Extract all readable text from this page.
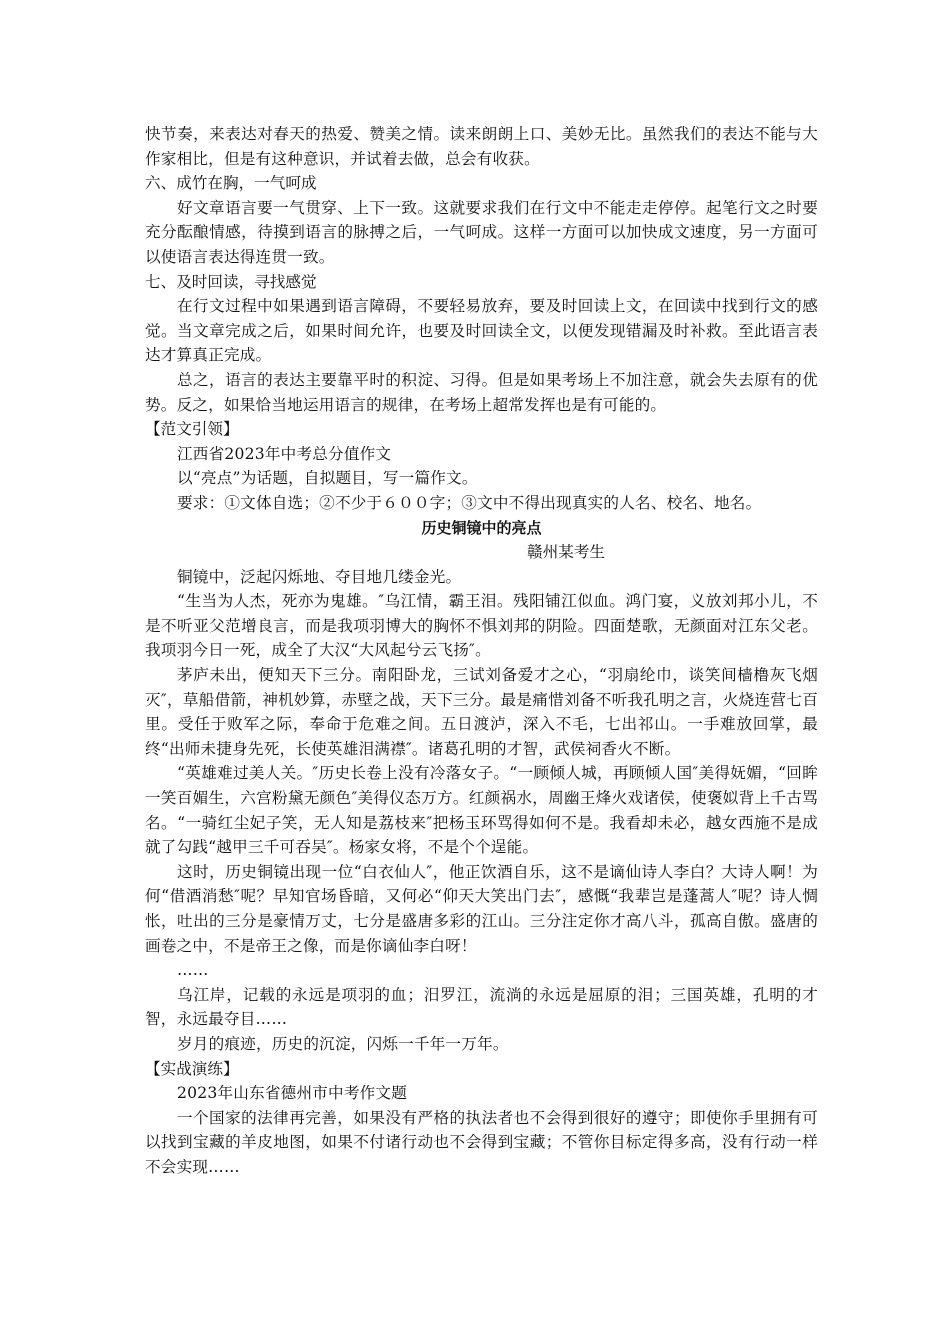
快节奏，来表达对春天的热爱、赞美之情。读来朗朗上口、美妙无比。虽然我们的表达不能与大作家相比，但是有这种意识，并试着去做，总会有收获。

六、成竹在胸，一气呵成

好文章语言要一气贯穿、上下一致。这就要求我们在行文中不能走走停停。起笔行文之时要充分酝酿情感，待摸到语言的脉搏之后，一气呵成。这样一方面可以加快成文速度，另一方面可以使语言表达得连贯一致。

七、及时回读，寻找感觉

在行文过程中如果遇到语言障碍，不要轻易放弃，要及时回读上文，在回读中找到行文的感觉。当文章完成之后，如果时间允许，也要及时回读全文，以便发现错漏及时补救。至此语言表达才算真正完成。

总之，语言的表达主要靠平时的积淀、习得。但是如果考场上不加注意，就会失去原有的优势。反之，如果恰当地运用语言的规律，在考场上超常发挥也是有可能的。

【范文引领】

江西省2023年中考总分值作文

以“亮点”为话题，自拟题目，写一篇作文。

要求：①文体自选；②不少于６００字；③文中不得出现真实的人名、校名、地名。

历史铜镜中的亮点

赣州某考生

铜镜中，泛起闪烁地、夺目地几缕金光。

“生当为人杰，死亦为鬼雄。″乌江情，霸王泪。残阳铺江似血。鸿门宴，义放刘邦小儿，不是不听亚父范增良言，而是我项羽博大的胸怀不惧刘邦的阴险。四面楚歌，无颜面对江东父老。我项羽今日一死，成全了大汉“大风起兮云飞扬″。

茅庐未出，便知天下三分。南阳卧龙，三试刘备爱才之心，“羽扇纶巾，谈笑间樯橹灰飞烟灭″，草船借箭，神机妙算，赤壁之战，天下三分。最是痛惜刘备不听我孔明之言，火烧连营七百里。受任于败军之际，奉命于危难之间。五日渡泸，深入不毛，七出祁山。一手难放回掌，最终“出师未捷身先死，长使英雄泪满襟″。诸葛孔明的才智，武侯祠香火不断。

“英雄难过美人关。″历史长卷上没有冷落女子。“一顾倾人城，再顾倾人国″美得妩媚，“回眸一笑百媚生，六宫粉黛无颜色″美得仪态万方。红颜祸水，周幽王烽火戏诸侯，使褒姒背上千古骂名。“一骑红尘妃子笑，无人知是荔枝来″把杨玉环骂得如何不是。我看却未必，越女西施不是成就了勾践“越甲三千可吞吴″。杨家女将，不是个个逞能。

这时，历史铜镜出现一位“白衣仙人″，他正饮酒自乐，这不是谪仙诗人李白？大诗人啊！为何“借酒消愁″呢？早知官场昏暗，又何必“仰天大笑出门去″，感慨“我辈岂是蓬蒿人″呢？诗人惆怅，吐出的三分是豪情万丈，七分是盛唐多彩的江山。三分注定你才高八斗，孤高自傲。盛唐的画卷之中，不是帝王之像，而是你谪仙李白呀！

……

乌江岸，记载的永远是项羽的血；汨罗江，流淌的永远是屈原的泪；三国英雄，孔明的才智，永远最夺目……

岁月的痕迹，历史的沉淀，闪烁一千年一万年。

【实战演练】

2023年山东省德州市中考作文题

一个国家的法律再完善，如果没有严格的执法者也不会得到很好的遵守；即使你手里拥有可以找到宝藏的羊皮地图，如果不付诸行动也不会得到宝藏；不管你目标定得多高，没有行动一样不会实现……
